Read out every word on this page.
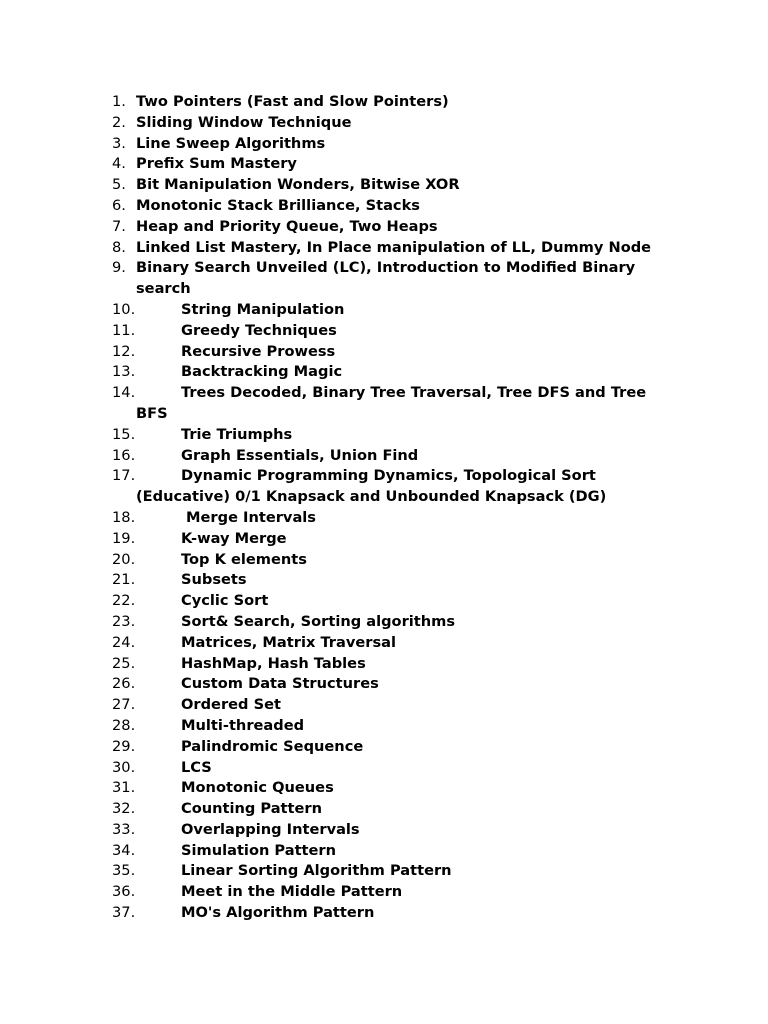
1. Two Pointers (Fast and Slow Pointers)
2. Sliding Window Technique
3. Line Sweep Algorithms
4. Prefix Sum Mastery
5. Bit Manipulation Wonders, Bitwise XOR
6. Monotonic Stack Brilliance, Stacks
7. Heap and Priority Queue, Two Heaps
8. Linked List Mastery, In Place manipulation of LL, Dummy Node
9. Binary Search Unveiled (LC), Introduction to Modified Binary search
10.	String Manipulation
11.	Greedy Techniques
12.	Recursive Prowess
13.	Backtracking Magic
14.	Trees Decoded, Binary Tree Traversal, Tree DFS and Tree BFS
15.	Trie Triumphs
16.	Graph Essentials, Union Find
17.	Dynamic Programming Dynamics, Topological Sort (Educative) 0/1 Knapsack and Unbounded Knapsack (DG)
18.	Merge Intervals
19.	K-way Merge
20.	Top K elements
21.	Subsets
22.	Cyclic Sort
23.	Sort& Search, Sorting algorithms
24.	Matrices, Matrix Traversal
25.	HashMap, Hash Tables
26.	Custom Data Structures
27.	Ordered Set
28.	Multi-threaded
29.	Palindromic Sequence
30.	LCS
31.	Monotonic Queues
32.	Counting Pattern
33.	Overlapping Intervals
34.	Simulation Pattern
35.	Linear Sorting Algorithm Pattern
36.	Meet in the Middle Pattern
37.	MO's Algorithm Pattern
